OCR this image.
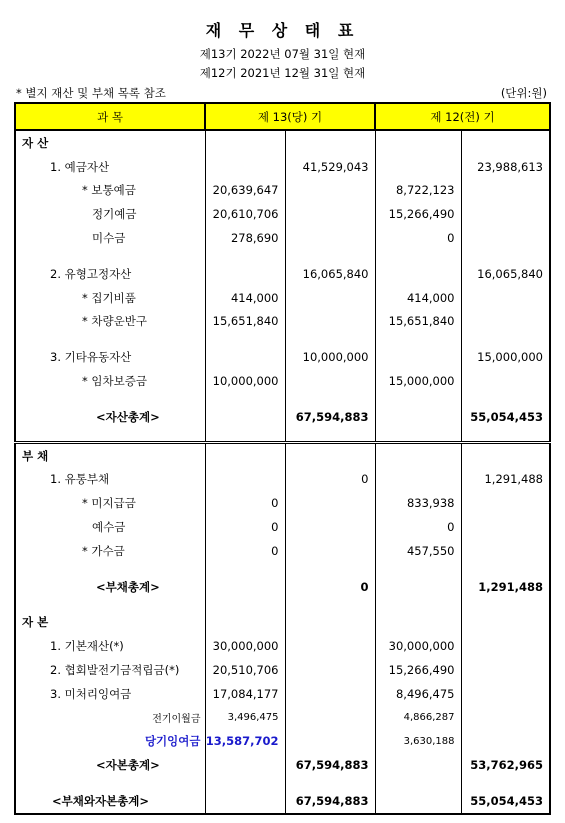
재 무 상 태 표
제13기 2022년 07월 31일 현재
제12기 2021년 12월 31일 현재
* 별지 재산 및 부채 목록 참조	(단위:원)
과 목	제 13(당) 기		제 12(전) 기	
자 산				
1. 예금자산		41,529,043		23,988,613
* 보통예금	20,639,647		8,722,123	
정기예금	20,610,706		15,266,490	
미수금	278,690		0	

2. 유형고정자산		16,065,840		16,065,840
* 집기비품	414,000		414,000	
* 차량운반구	15,651,840		15,651,840	

3. 기타유동자산		10,000,000		15,000,000
* 임차보증금	10,000,000		15,000,000	

<자산총계>		67,594,883		55,054,453

부 채				
1. 유통부채		0		1,291,488
* 미지급금	0		833,938	
예수금	0		0	
* 가수금	0		457,550	

<부채총계>		0		1,291,488

자 본				
1. 기본재산(*)	30,000,000		30,000,000	
2. 협회발전기금적립금(*)	20,510,706		15,266,490	
3. 미처리잉여금	17,084,177		8,496,475	
전기이월금	3,496,475		4,866,287	
당기잉여금	13,587,702		3,630,188	
<자본총계>		67,594,883		53,762,965

<부채와자본총계>		67,594,883		55,054,453
